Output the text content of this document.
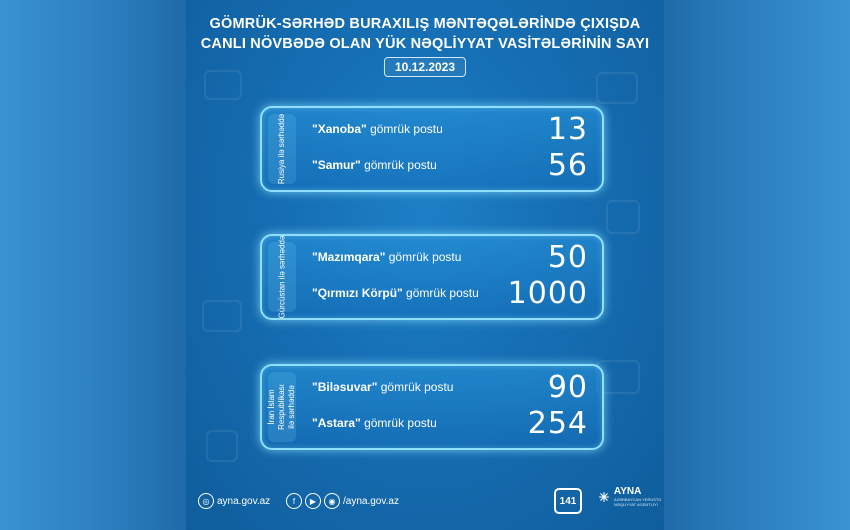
GÖMRÜK-SƏRHƏD BURAXILIŞ MƏNTƏQƏLƏRİNDƏ ÇIXIŞDA
CANLI NÖVBƏDƏ OLAN YÜK NƏQLİYYAT VASİTƏLƏRİNİN SAYI
10.12.2023
Rusiya ilə sərhəddə "Xanoba" gömrük postu	13
"Samur" gömrük postu	56
Gürcüstan ilə sərhəddə "Mazımqara" gömrük postu	50
"Qırmızı Körpü" gömrük postu 1000
İran İslam Respublikası ilə sərhəddə "Biləsuvar" gömrük postu	90
"Astara" gömrük postu	254
◎ ayna.gov.az	f	▶	◉ /ayna.gov.az	141
AYNA
AZƏRBAYCAN YERÜSTÜ NƏQLİYYAT AGENTLİYİ
